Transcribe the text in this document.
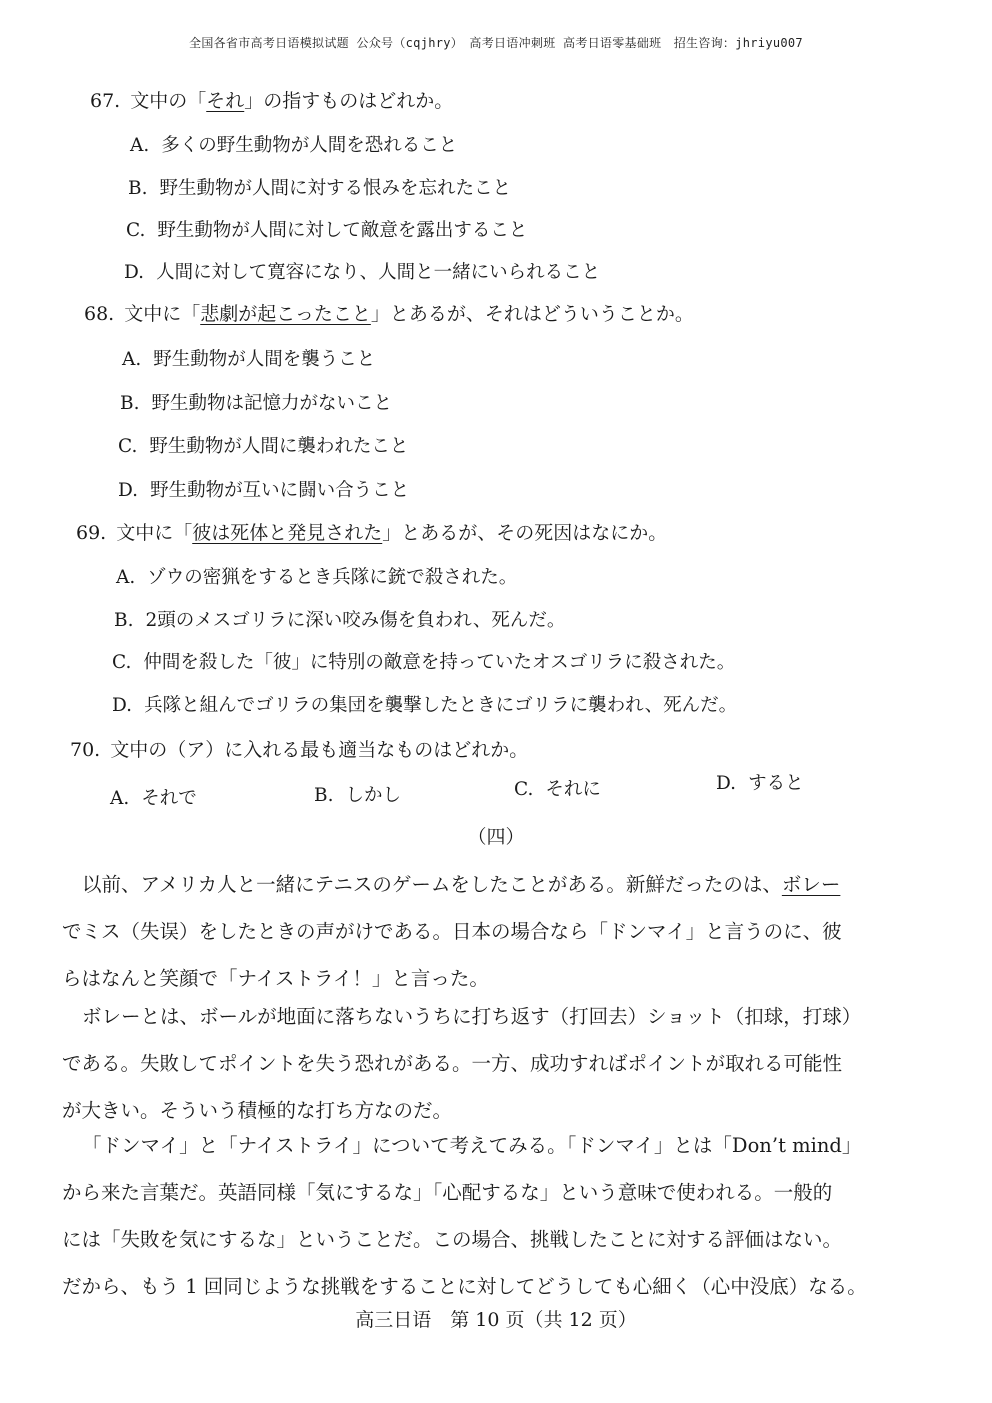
全国各省市高考日语模拟试题 公众号（cqjhry）　高考日语冲刺班 高考日语零基础班　招生咨询：jhriyu007
67. 文中の「それ」の指すものはどれか。
A. 多くの野生動物が人間を恐れること
B. 野生動物が人間に対する恨みを忘れたこと
C. 野生動物が人間に対して敵意を露出すること
D. 人間に対して寛容になり、人間と一緒にいられること
68. 文中に「悲劇が起こったこと」とあるが、それはどういうことか。
A. 野生動物が人間を襲うこと
B. 野生動物は記憶力がないこと
C. 野生動物が人間に襲われたこと
D. 野生動物が互いに闘い合うこと
69. 文中に「彼は死体と発見された」とあるが、その死因はなにか。
A. ゾウの密猟をするとき兵隊に銃で殺された。
B. 2頭のメスゴリラに深い咬み傷を負われ、死んだ。
C. 仲間を殺した「彼」に特別の敵意を持っていたオスゴリラに殺された。
D. 兵隊と組んでゴリラの集団を襲撃したときにゴリラに襲われ、死んだ。
70. 文中の（ア）に入れる最も適当なものはどれか。
A. それで	B. しかし	C. それに	D. すると
（四）
以前、アメリカ人と一緒にテニスのゲームをしたことがある。新鮮だったのは、ボレー
でミス（失误）をしたときの声がけである。日本の場合なら「ドンマイ」と言うのに、彼
らはなんと笑顔で「ナイストライ！」と言った。
ボレーとは、ボールが地面に落ちないうちに打ち返す（打回去）ショット（扣球，打球）
である。失敗してポイントを失う恐れがある。一方、成功すればポイントが取れる可能性
が大きい。そういう積極的な打ち方なのだ。
「ドンマイ」と「ナイストライ」について考えてみる。「ドンマイ」とは「Don’t mind」
から来た言葉だ。英語同様「気にするな」「心配するな」という意味で使われる。一般的
には「失敗を気にするな」ということだ。この場合、挑戦したことに対する評価はない。
だから、もう 1 回同じような挑戦をすることに対してどうしても心細く（心中没底）なる。
高三日语　第 10 页（共 12 页）
